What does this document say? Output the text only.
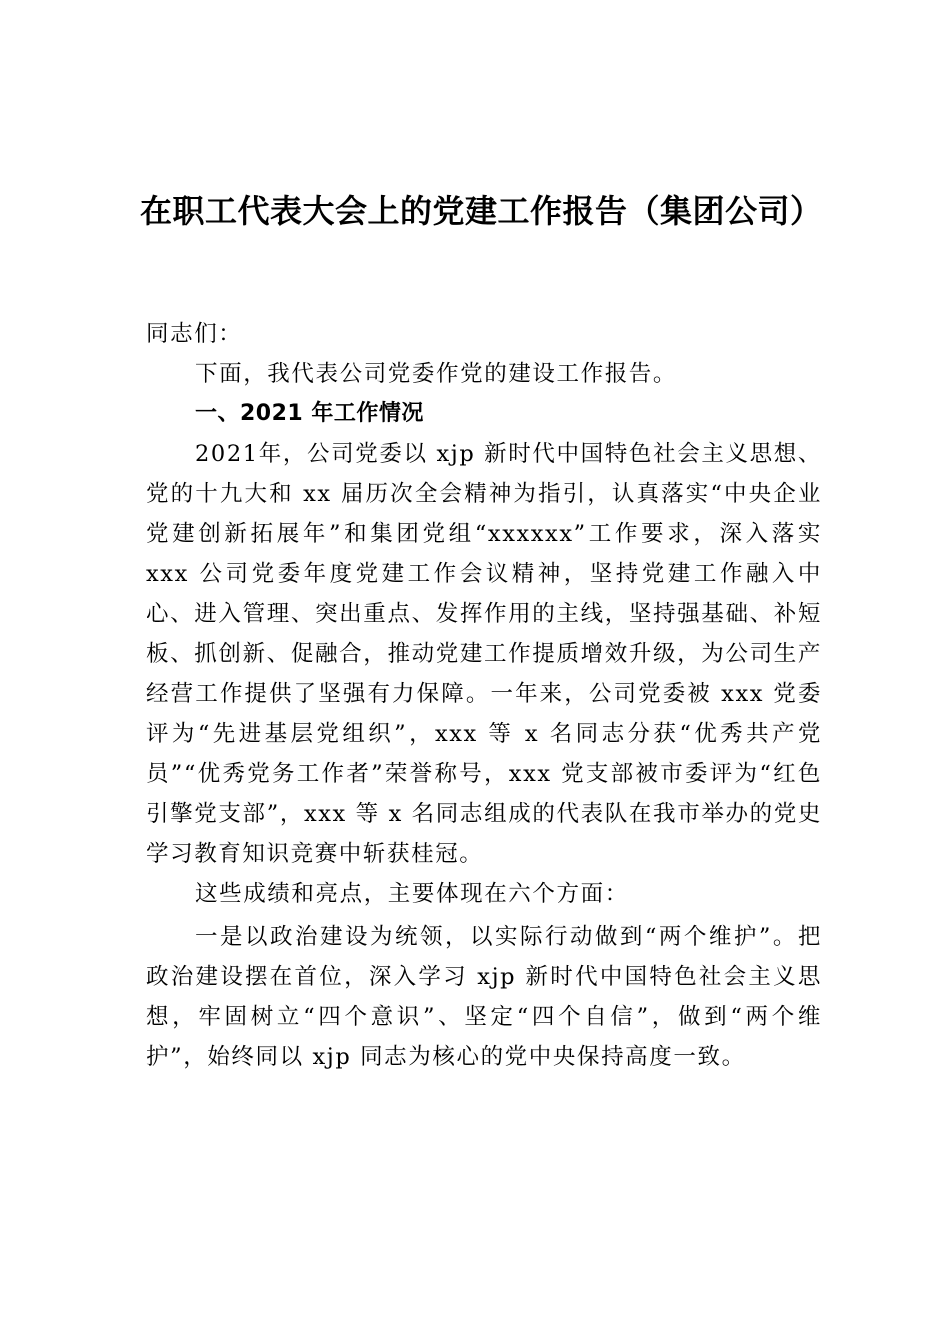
在职工代表大会上的党建工作报告（集团公司）

同志们：

下面，我代表公司党委作党的建设工作报告。

一、2021 年工作情况

2021年，公司党委以 xjp 新时代中国特色社会主义思想、党的十九大和 xx 届历次全会精神为指引，认真落实“中央企业党建创新拓展年”和集团党组“xxxxxx”工作要求，深入落实 xxx 公司党委年度党建工作会议精神，坚持党建工作融入中心、进入管理、突出重点、发挥作用的主线，坚持强基础、补短板、抓创新、促融合，推动党建工作提质增效升级，为公司生产经营工作提供了坚强有力保障。一年来，公司党委被 xxx 党委评为“先进基层党组织”，xxx 等 x 名同志分获“优秀共产党员”“优秀党务工作者”荣誉称号，xxx 党支部被市委评为“红色引擎党支部”，xxx 等 x 名同志组成的代表队在我市举办的党史学习教育知识竞赛中斩获桂冠。

这些成绩和亮点，主要体现在六个方面：

一是以政治建设为统领，以实际行动做到“两个维护”。把政治建设摆在首位，深入学习 xjp 新时代中国特色社会主义思想，牢固树立“四个意识”、坚定“四个自信”，做到“两个维护”，始终同以 xjp 同志为核心的党中央保持高度一致。
